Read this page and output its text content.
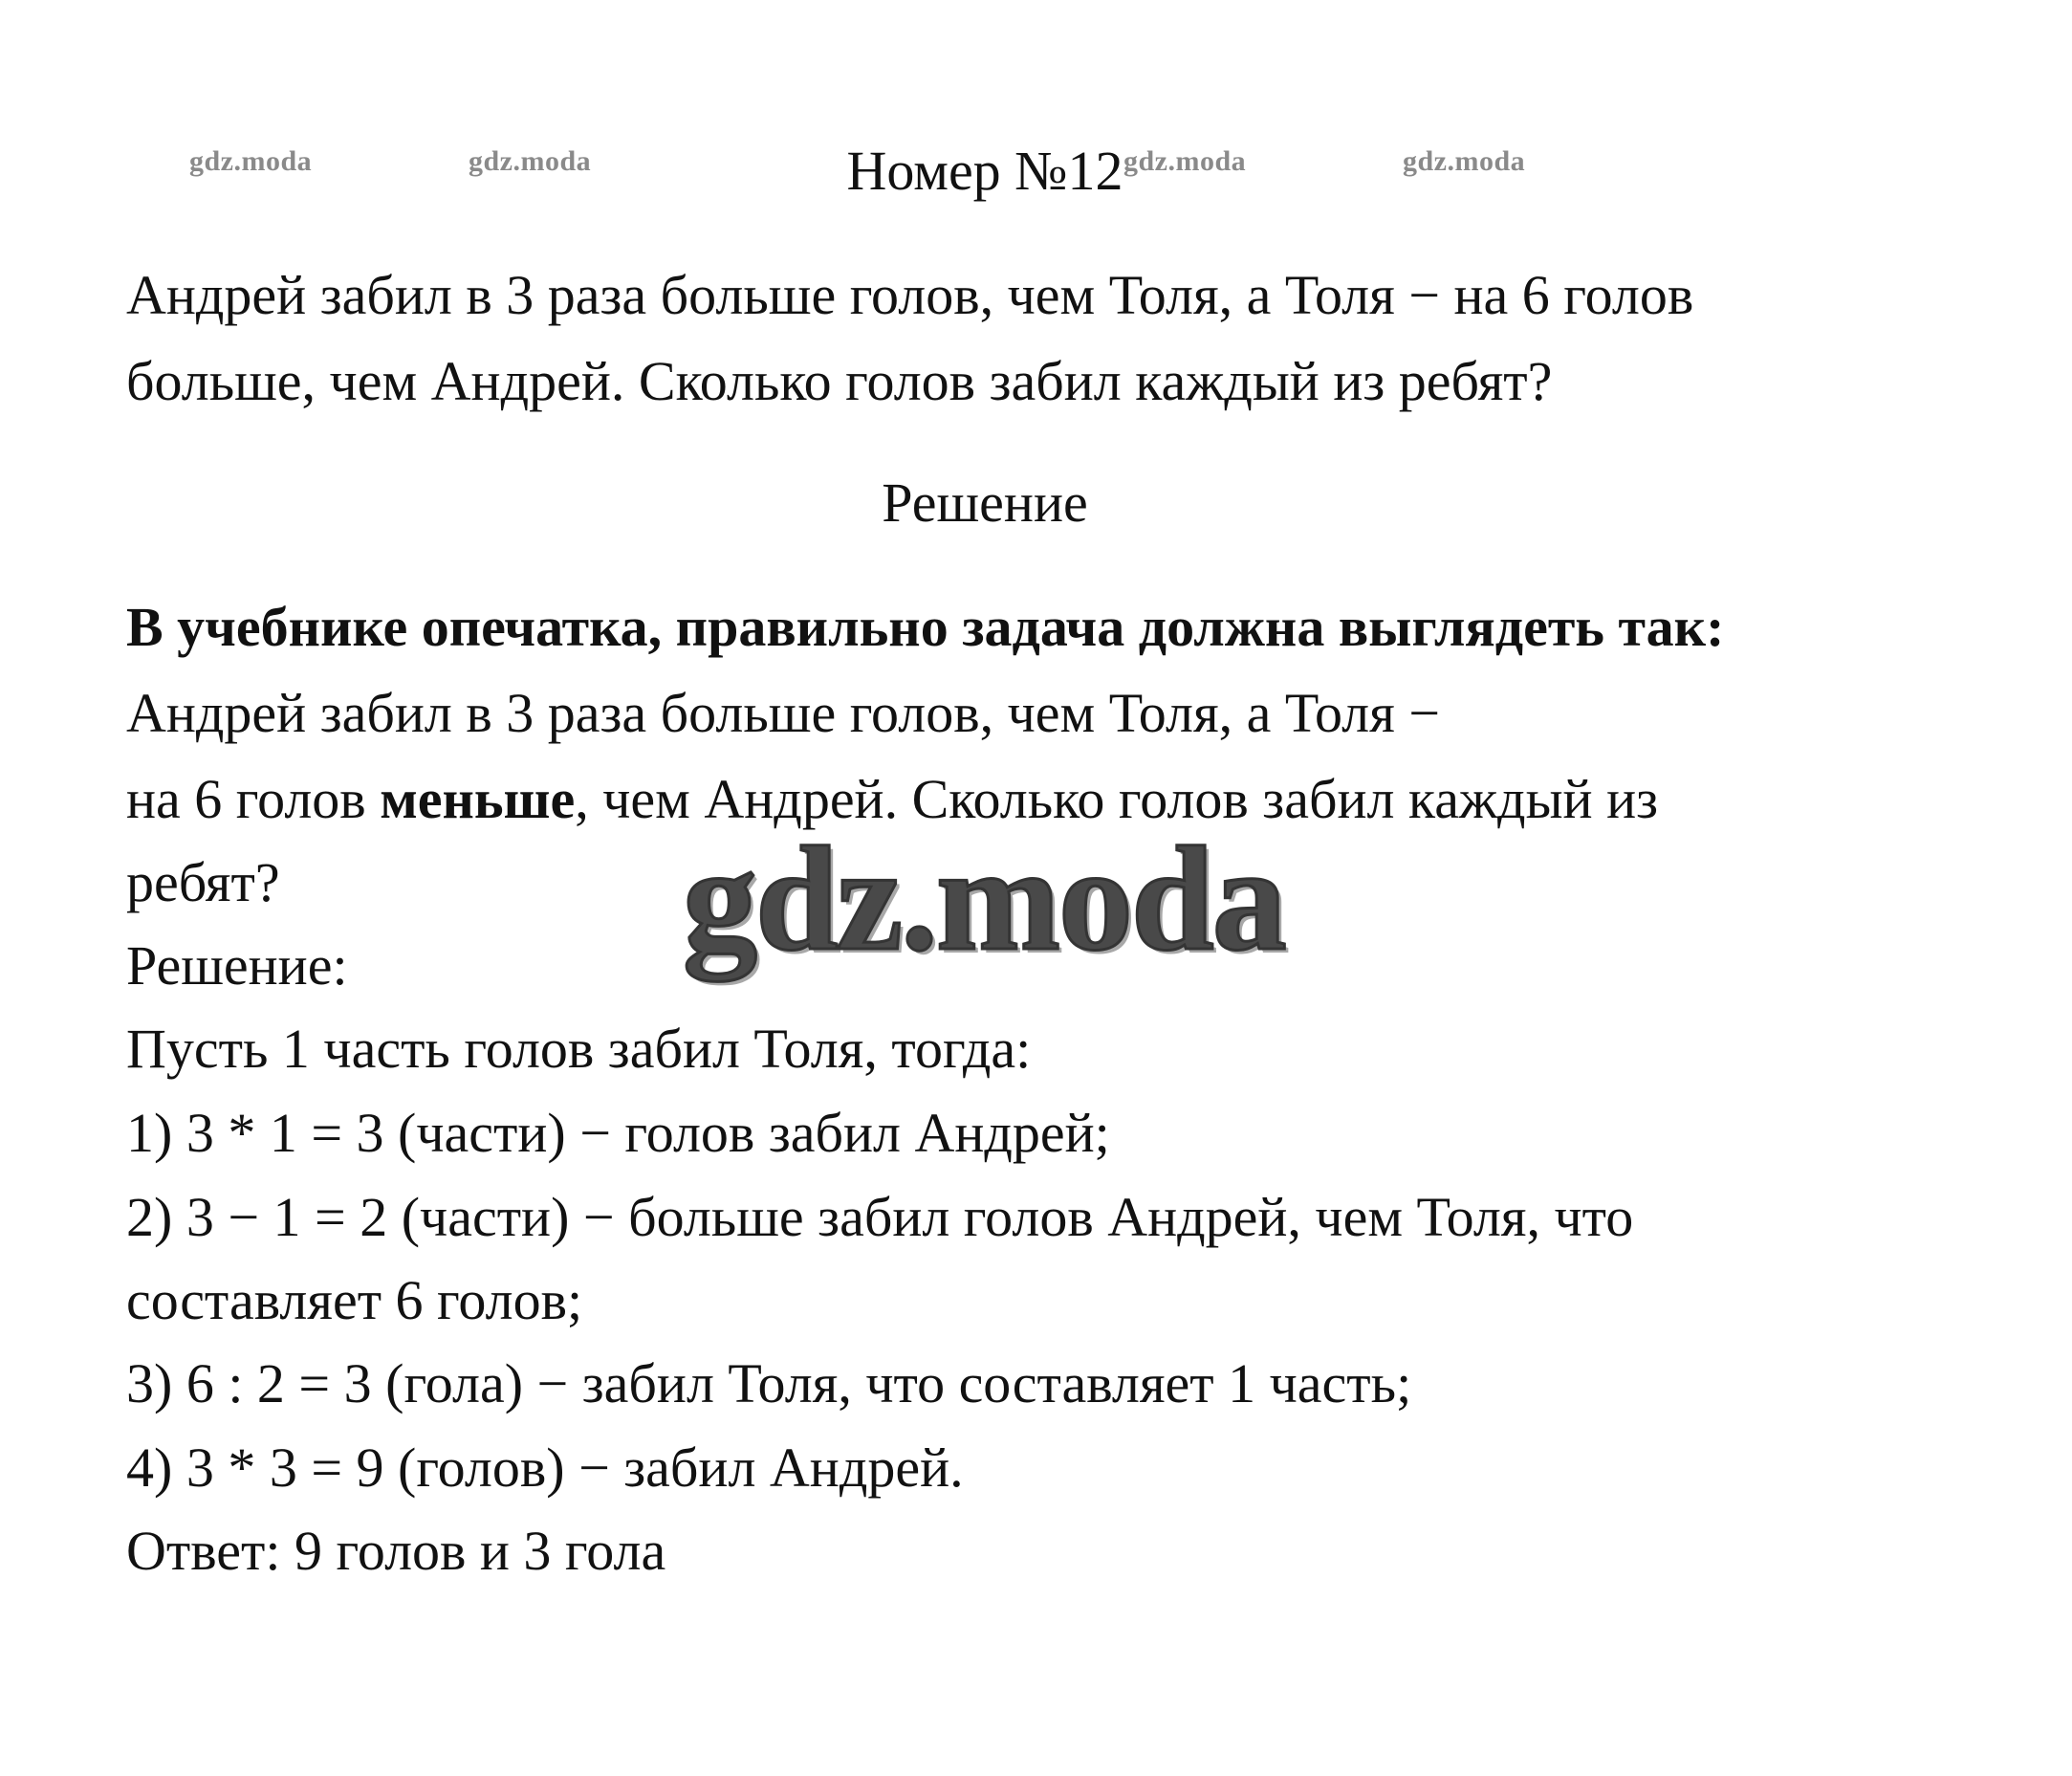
gdz.moda	gdz.moda	gdz.moda	gdz.moda
Номер №12

Андрей забил в 3 раза больше голов, чем Толя, а Толя − на 6 голов

больше, чем Андрей. Сколько голов забил каждый из ребят?

Решение

В учебнике опечатка, правильно задача должна выглядеть так:

Андрей забил в 3 раза больше голов, чем Толя, а Толя −

на 6 голов меньше, чем Андрей. Сколько голов забил каждый из

ребят?	gdz.moda

Решение:

Пусть 1 часть голов забил Толя, тогда:

1) 3 * 1 = 3 (части) − голов забил Андрей;

2) 3 − 1 = 2 (части) − больше забил голов Андрей, чем Толя, что

составляет 6 голов;

3) 6 : 2 = 3 (гола) − забил Толя, что составляет 1 часть;

4) 3 * 3 = 9 (голов) − забил Андрей.

Ответ: 9 голов и 3 гола
